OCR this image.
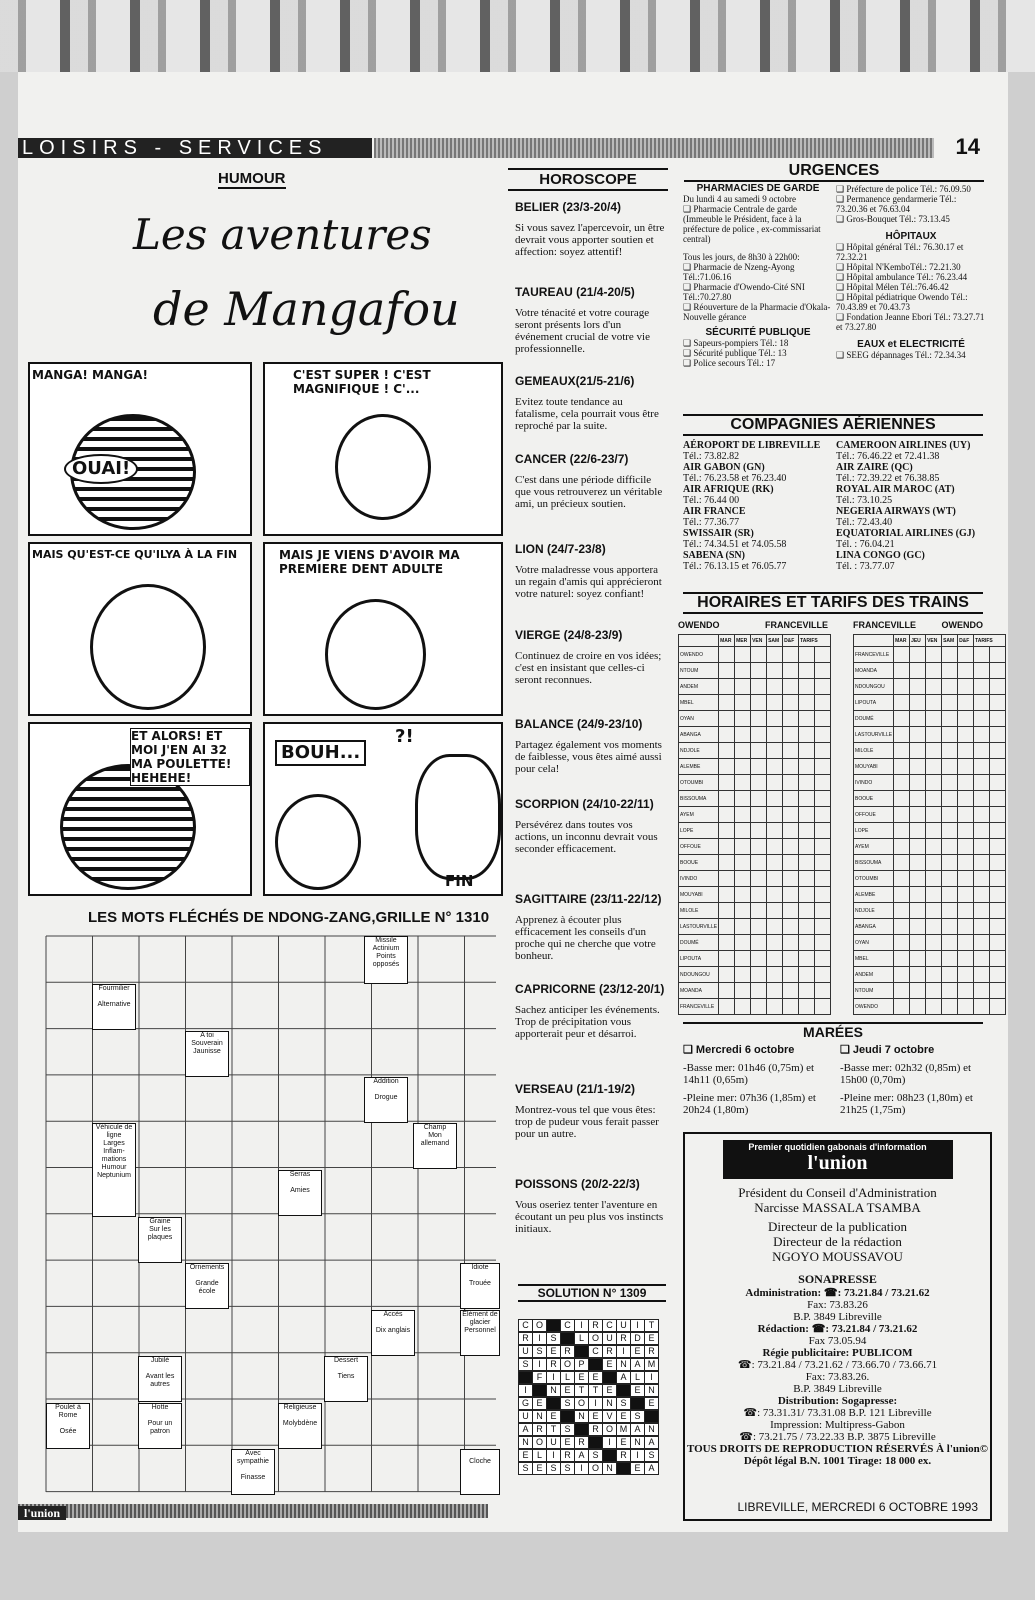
LOISIRS - SERVICES	14
HUMOUR
Les aventures
de Mangafou
MANGA! MANGA!
OUAI!
C'EST SUPER ! C'EST MAGNIFIQUE ! C'...
MAIS QU'EST-CE QU'ILYA À LA FIN	MAIS JE VIENS D'AVOIR MA PREMIERE DENT ADULTE
ET ALORS! ET MOI J'EN AI 32 MA POULETTE! HEHEHE!
BOUH...
?!
FIN
LES MOTS FLÉCHÉS DE NDONG-ZANG,GRILLE N° 1310
Missile
Actinium
Points opposés
Fourmilier

Alternative
A toi
Souverain
Jaunisse
Addition

Drogue
Champ
Mon allemand
Véhicule de ligne
Larges
Inflam-mations
Humour
Neptunium	Serras

Amies
Graine
Sur les plaques
Ornements

Grande école
Idiote

Trouée
Accès

Dix anglais
Élément de glacier
Personnel
Jubilé

Avant les autres
Hotte

Pour un patron
Dessert

Tiens
Poulet à Rome

Osée
Religieuse

Molybdène
Avec sympathie

Finasse

Cloche
HOROSCOPE
SOLUTION N° 1309
C O	C	I	R C U	I	T
R	I	S	L O U R D E
U S E R	C R	I	E R
S	I	R O P	E N A M
F	I	L E E	A L	I
I	N E T T E	E N
G E	S O	I	N S	E
U N E	N E V E S
A R T S	R O M A N
N O U E R	I	E N A
E L	I	R A S	R	I	S
S E S S	I	O N	E A
URGENCES
PHARMACIES DE GARDE
Du lundi 4 au samedi 9 octobre
❑ Pharmacie Centrale de garde (Immeuble le Président, face à la préfecture de police , ex-commissariat central)
Tous les jours, de 8h30 à 22h00:
❑ Pharmacie de Nzeng-Ayong Tél.:71.06.16
❑ Pharmacie d'Owendo-Cité SNI Tél.:70.27.80
❑ Réouverture de la Pharmacie d'Okala-Nouvelle gérance
SÉCURITÉ PUBLIQUE
❑ Sapeurs-pompiers Tél.: 18
❑ Sécurité publique Tél.: 13
❑ Police secours Tél.: 17
❑ Préfecture de police Tél.: 76.09.50
❑ Permanence gendarmerie Tél.: 73.20.36 et 76.63.04
❑ Gros-Bouquet Tél.: 73.13.45
HÔPITAUX
❑ Hôpital général Tél.: 76.30.17 et 72.32.21
❑ Hôpital N'KemboTél.: 72.21.30
❑ Hôpital ambulance Tél.: 76.23.44
❑ Hôpital Mélen Tél.:76.46.42
❑ Hôpital pédiatrique Owendo Tél.: 70.43.89 et 70.43.73
❑ Fondation Jeanne Ebori Tél.: 73.27.71 et 73.27.80
EAUX et ELECTRICITÉ
❑ SEEG dépannages Tél.: 72.34.34
COMPAGNIES AÉRIENNES
AÉROPORT DE LIBREVILLE
Tél.: 73.82.82
AIR GABON (GN)
Tél.: 76.23.58 et 76.23.40
AIR AFRIQUE (RK)
Tél.: 76.44 00
AIR FRANCE
Tél.: 77.36.77
SWISSAIR (SR)
Tél.: 74.34.51 et 74.05.58
SABENA (SN)
Tél.: 76.13.15 et 76.05.77
CAMEROON AIRLINES (UY)
Tél.: 76.46.22 et 72.41.38
AIR ZAIRE (QC)
Tél.: 72.39.22 et 76.38.85
ROYAL AIR MAROC (AT)
Tél.: 73.10.25
NEGERIA AIRWAYS (WT)
Tél.: 72.43.40
EQUATORIAL AIRLINES (GJ)
Tél. : 76.04.21
LINA CONGO (GC)
Tél. : 73.77.07
HORAIRES ET TARIFS DES TRAINS
OWENDO	FRANCEVILLE	FRANCEVILLE	OWENDO
	MAR	MER	VEN	SAM	D&F	TARIFS	
OWENDO							
NTOUM							
ANDEM							
MBEL							
OYAN							
ABANGA							
NDJOLE							
ALEMBE							
OTOUMBI							
BISSOUMA							
AYEM							
LOPE							
OFFOUE							
BOOUE							
IVINDO							
MOUYABI							
MILOLE							
LASTOURVILLE							
DOUMÉ							
LIPOUTA							
NDOUNGOU							
MOANDA							
FRANCEVILLE							
	MAR	JEU	VEN	SAM	D&F	TARIFS	
FRANCEVILLE							
MOANDA							
NDOUNGOU							
LIPOUTA							
DOUMÉ							
LASTOURVILLE							
MILOLE							
MOUYABI							
IVINDO							
BOOUE							
OFFOUE							
LOPE							
AYEM							
BISSOUMA							
OTOUMBI							
ALEMBE							
NDJOLE							
ABANGA							
OYAN							
MBEL							
ANDEM							
NTOUM							
OWENDO							
MARÉES
❑ Mercredi 6 octobre
-Basse mer: 01h46 (0,75m) et 14h11 (0,65m)
-Pleine mer: 07h36 (1,85m) et 20h24 (1,80m)
❑ Jeudi 7 octobre
-Basse mer: 02h32 (0,85m) et 15h00 (0,70m)
-Pleine mer: 08h23 (1,80m) et 21h25 (1,75m)
Premier quotidien gabonais d'information
l'union
Président du Conseil d'Administration
Narcisse MASSALA TSAMBA
Directeur de la publication
Directeur de la rédaction
NGOYO MOUSSAVOU
SONAPRESSE
Administration: ☎: 73.21.84 / 73.21.62
Fax: 73.83.26
B.P. 3849 Libreville
Rédaction: ☎: 73.21.84 / 73.21.62
Fax 73.05.94
Régie publicitaire: PUBLICOM
☎: 73.21.84 / 73.21.62 / 73.66.70 / 73.66.71
Fax: 73.83.26.
B.P. 3849 Libreville
Distribution: Sogapresse:
☎: 73.31.31/ 73.31.08 B.P. 121 Libreville
Impression: Multipress-Gabon
☎: 73.21.75 / 73.22.33 B.P. 3875 Libreville
TOUS DROITS DE REPRODUCTION RÉSERVÉS À l'union©
Dépôt légal B.N. 1001 Tirage: 18 000 ex.
l'union	LIBREVILLE, MERCREDI 6 OCTOBRE 1993
BELIER (23/3-20/4)
Si vous savez l'apercevoir, un être devrait vous apporter soutien et affection: soyez attentif!
TAUREAU (21/4-20/5)
Votre ténacité et votre courage seront présents lors d'un événement crucial de votre vie professionnelle.
GEMEAUX(21/5-21/6)
Evitez toute tendance au fatalisme, cela pourrait vous être reproché par la suite.
CANCER (22/6-23/7)
C'est dans une période difficile que vous retrouverez un véritable ami, un précieux soutien.
LION (24/7-23/8)
Votre maladresse vous apportera un regain d'amis qui apprécieront votre naturel: soyez confiant!
VIERGE (24/8-23/9)
Continuez de croire en vos idées; c'est en insistant que celles-ci seront reconnues.
BALANCE (24/9-23/10)
Partagez également vos moments de faiblesse, vous êtes aimé aussi pour cela!
SCORPION (24/10-22/11)
Persévérez dans toutes vos actions, un inconnu devrait vous seconder efficacement.
SAGITTAIRE (23/11-22/12)
Apprenez à écouter plus efficacement les conseils d'un proche qui ne cherche que votre bonheur.
CAPRICORNE (23/12-20/1)
Sachez anticiper les événements. Trop de précipitation vous apporterait peur et désarroi.
VERSEAU (21/1-19/2)
Montrez-vous tel que vous êtes: trop de pudeur vous ferait passer pour un autre.
POISSONS (20/2-22/3)
Vous oseriez tenter l'aventure en écoutant un peu plus vos instincts initiaux.
